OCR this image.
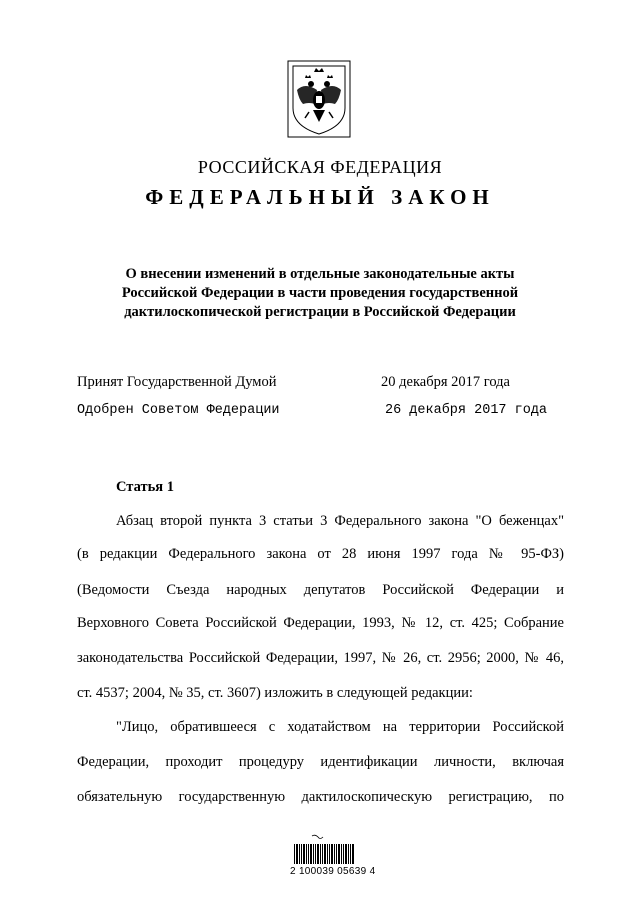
РОССИЙСКАЯ ФЕДЕРАЦИЯ
ФЕДЕРАЛЬНЫЙ ЗАКОН
О внесении изменений в отдельные законодательные акты
Российской Федерации в части проведения государственной
дактилоскопической регистрации в Российской Федерации
Принят Государственной Думой	20 декабря 2017 года
Одобрен Советом Федерации	26 декабря 2017 года
Статья 1
Абзац второй пункта 3 статьи 3 Федерального закона "О беженцах"
(в редакции Федерального закона от 28 июня 1997 года № 95-ФЗ)
(Ведомости Съезда народных депутатов Российской Федерации и
Верховного Совета Российской Федерации, 1993, № 12, ст. 425; Собрание
законодательства Российской Федерации, 1997, № 26, ст. 2956; 2000, № 46,
ст. 4537; 2004, № 35, ст. 3607) изложить в следующей редакции:
"Лицо, обратившееся с ходатайством на территории Российской
Федерации, проходит процедуру идентификации личности, включая
обязательную государственную дактилоскопическую регистрацию, по
2 100039 05639 4
